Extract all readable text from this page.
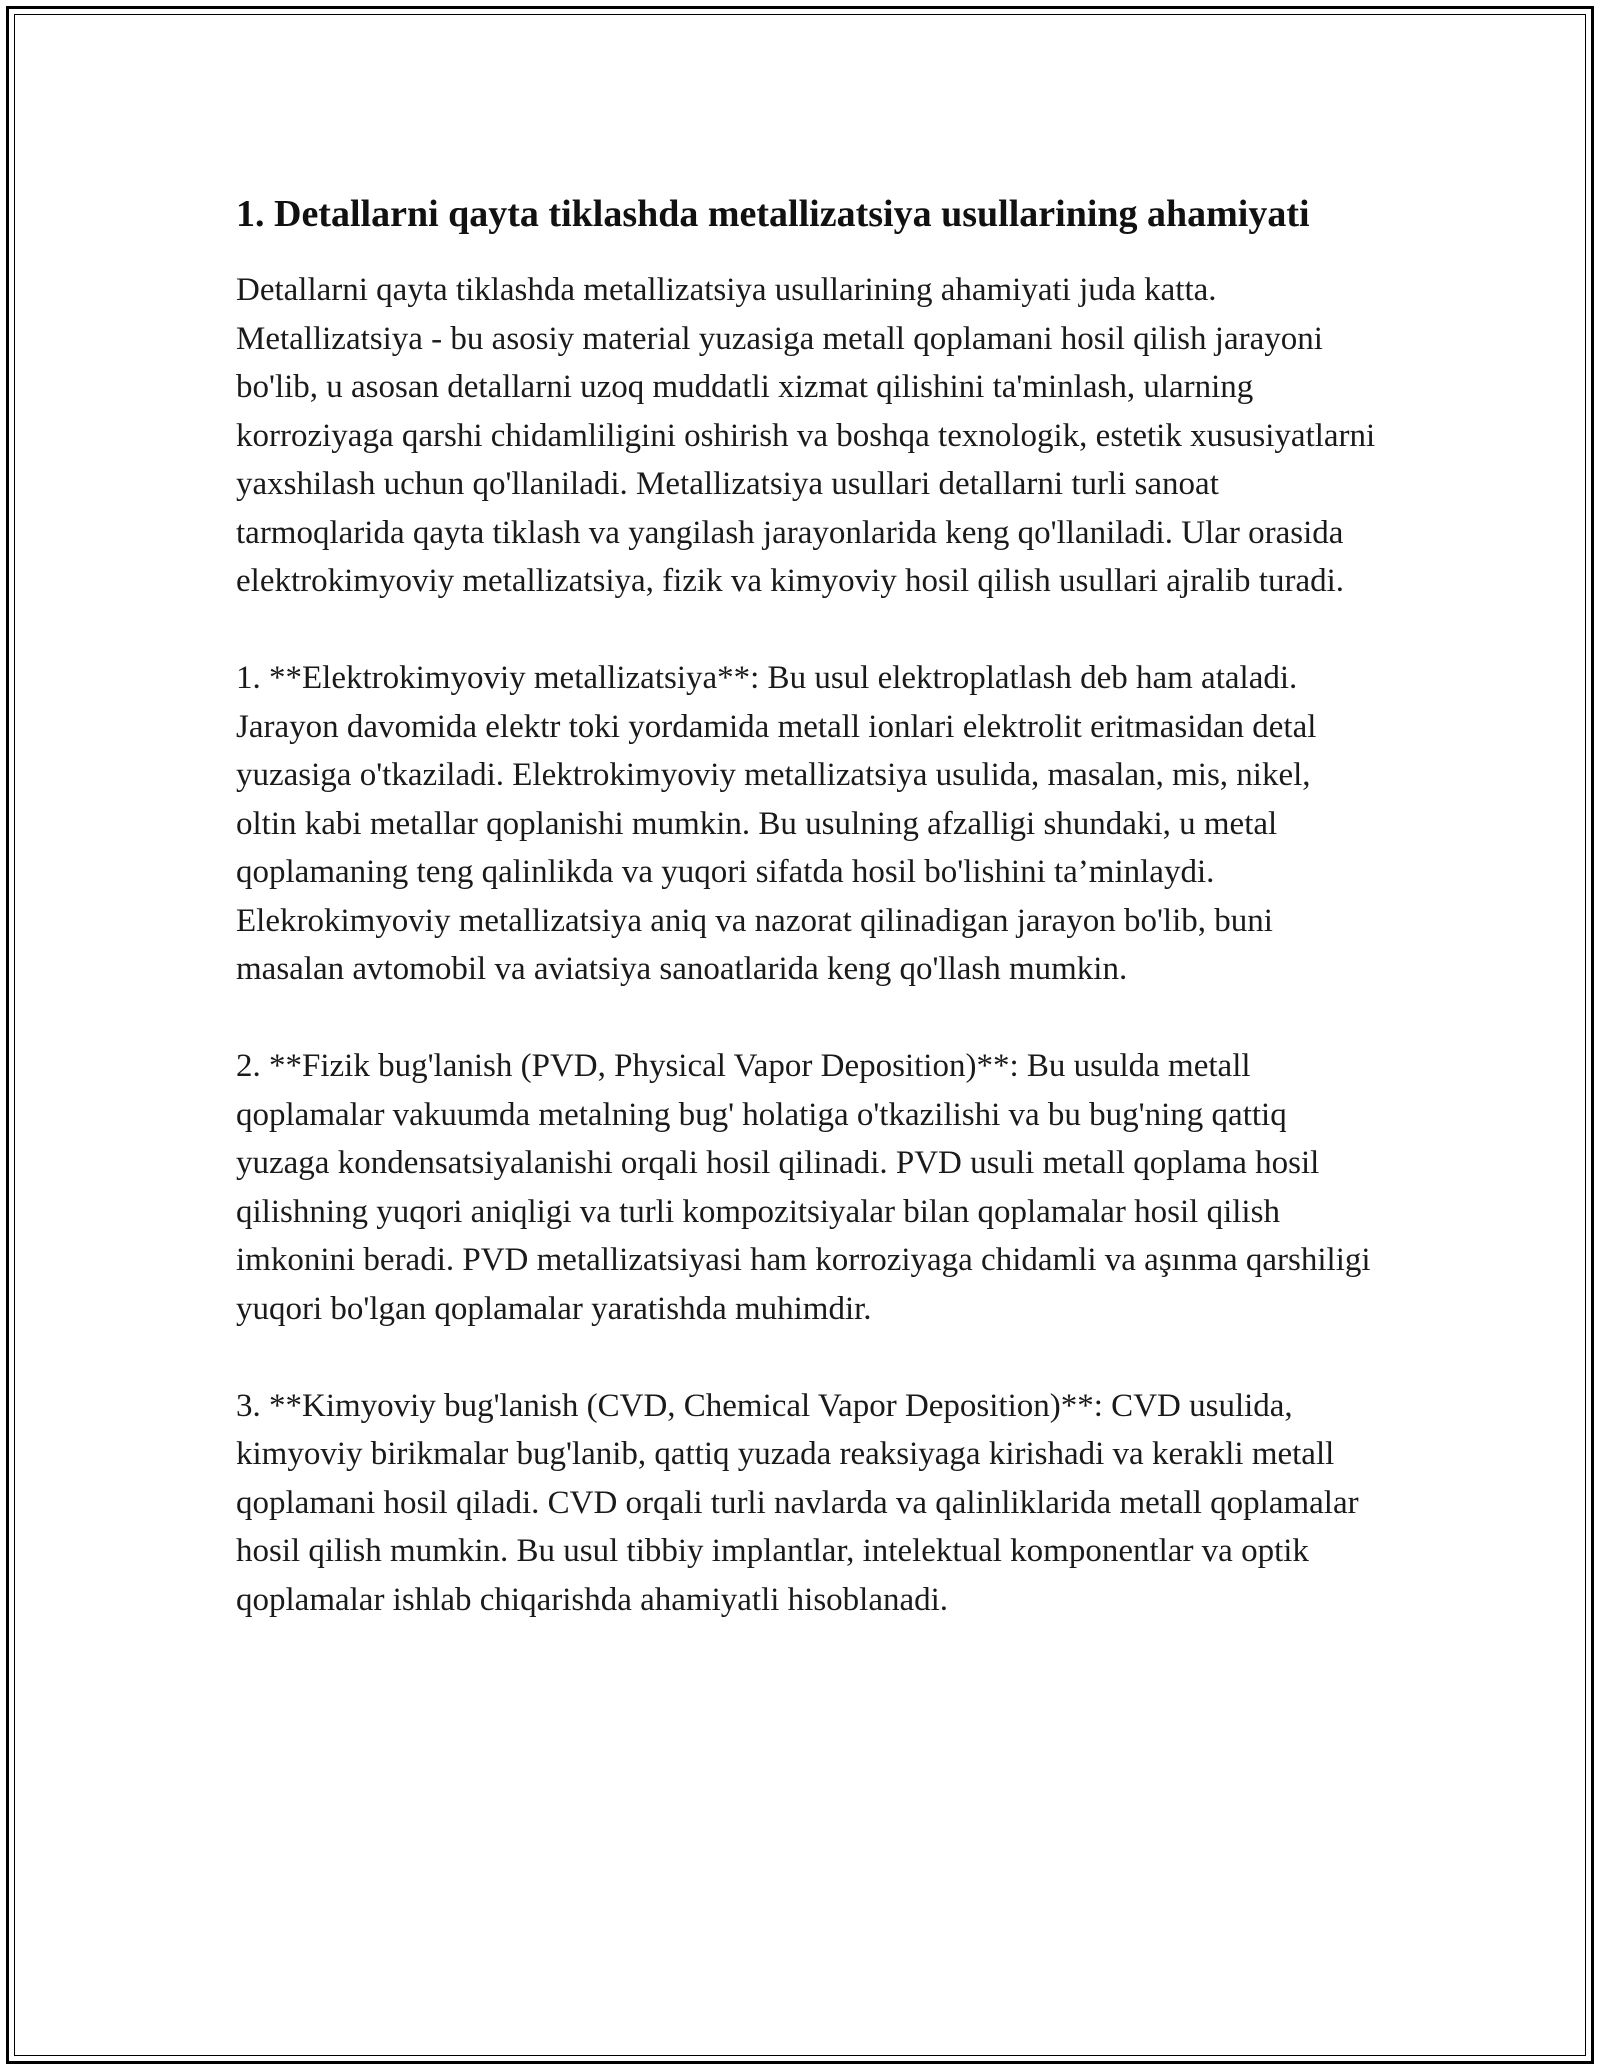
1. Detallarni qayta tiklashda metallizatsiya usullarining ahamiyati

Detallarni qayta tiklashda metallizatsiya usullarining ahamiyati juda katta. Metallizatsiya - bu asosiy material yuzasiga metall qoplamani hosil qilish jarayoni bo'lib, u asosan detallarni uzoq muddatli xizmat qilishini ta'minlash, ularning korroziyaga qarshi chidamliligini oshirish va boshqa texnologik, estetik xususiyatlarni yaxshilash uchun qo'llaniladi. Metallizatsiya usullari detallarni turli sanoat tarmoqlarida qayta tiklash va yangilash jarayonlarida keng qo'llaniladi. Ular orasida elektrokimyoviy metallizatsiya, fizik va kimyoviy hosil qilish usullari ajralib turadi.

1. **Elektrokimyoviy metallizatsiya**: Bu usul elektroplatlash deb ham ataladi. Jarayon davomida elektr toki yordamida metall ionlari elektrolit eritmasidan detal yuzasiga o'tkaziladi. Elektrokimyoviy metallizatsiya usulida, masalan, mis, nikel, oltin kabi metallar qoplanishi mumkin. Bu usulning afzalligi shundaki, u metal qoplamaning teng qalinlikda va yuqori sifatda hosil bo'lishini ta’minlaydi. Elekrokimyoviy metallizatsiya aniq va nazorat qilinadigan jarayon bo'lib, buni masalan avtomobil va aviatsiya sanoatlarida keng qo'llash mumkin.

2. **Fizik bug'lanish (PVD, Physical Vapor Deposition)**: Bu usulda metall qoplamalar vakuumda metalning bug' holatiga o'tkazilishi va bu bug'ning qattiq yuzaga kondensatsiyalanishi orqali hosil qilinadi. PVD usuli metall qoplama hosil qilishning yuqori aniqligi va turli kompozitsiyalar bilan qoplamalar hosil qilish imkonini beradi. PVD metallizatsiyasi ham korroziyaga chidamli va aşınma qarshiligi yuqori bo'lgan qoplamalar yaratishda muhimdir.

3. **Kimyoviy bug'lanish (CVD, Chemical Vapor Deposition)**: CVD usulida, kimyoviy birikmalar bug'lanib, qattiq yuzada reaksiyaga kirishadi va kerakli metall qoplamani hosil qiladi. CVD orqali turli navlarda va qalinliklarida metall qoplamalar hosil qilish mumkin. Bu usul tibbiy implantlar, intelektual komponentlar va optik qoplamalar ishlab chiqarishda ahamiyatli hisoblanadi.
